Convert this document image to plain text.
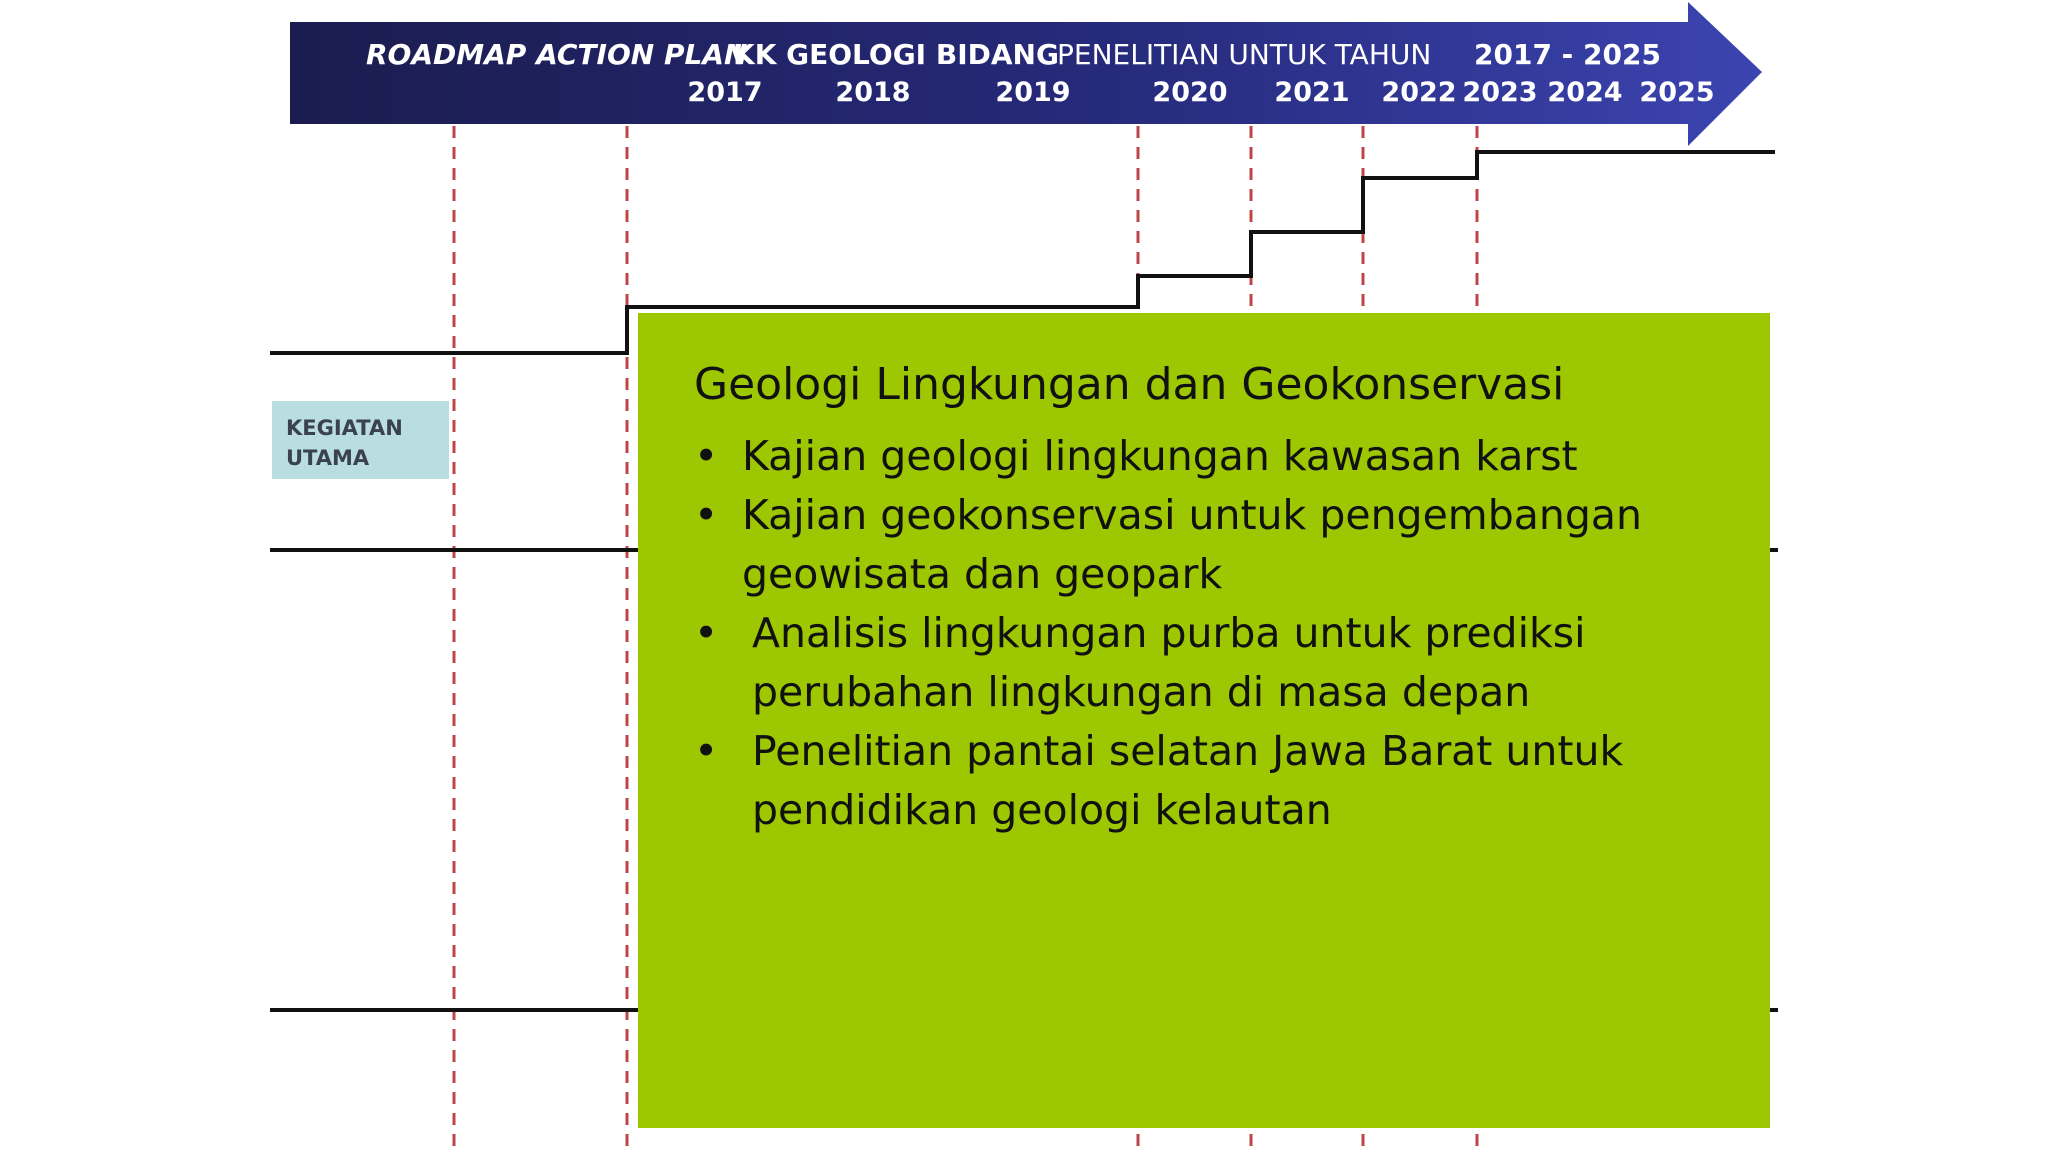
ROADMAP ACTION PLAN
KK GEOLOGI BIDANG
PENELITIAN UNTUK TAHUN 2017 - 2025
2017	2018	2019	2020 2021 2022 2023 2024 2025
KEGIATAN
UTAMA
Geologi Lingkungan dan Geokonservasi
• Kajian geologi lingkungan kawasan karst
• Kajian geokonservasi untuk pengembangan geowisata dan geopark
• Analisis lingkungan purba untuk prediksi perubahan lingkungan di masa depan
• Penelitian pantai selatan Jawa Barat untuk pendidikan geologi kelautan
